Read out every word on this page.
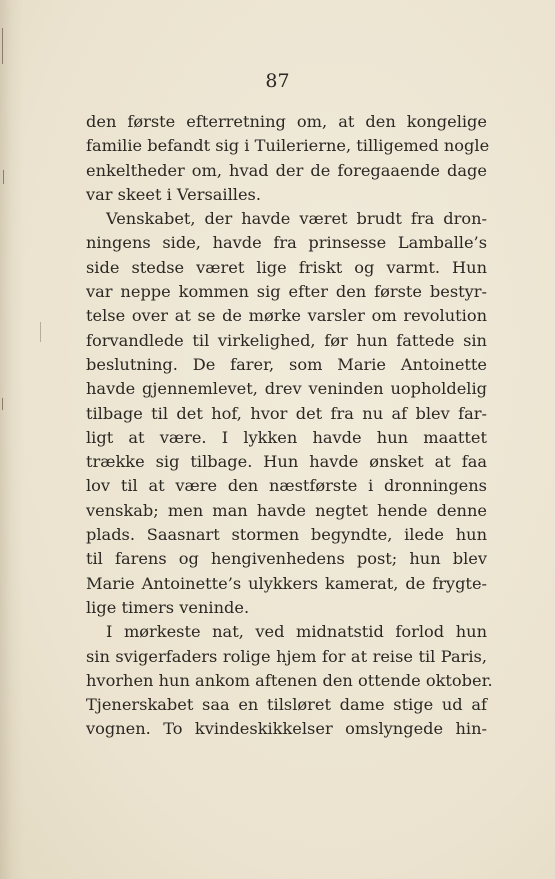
87
den første efterretning om, at den kongelige
familie befandt sig i Tuilerierne, tilligemed nogle
enkeltheder om, hvad der de foregaaende dage
var skeet i Versailles.
Venskabet, der havde været brudt fra dron-
ningens side, havde fra prinsesse Lamballe’s
side stedse været lige friskt og varmt. Hun
var neppe kommen sig efter den første bestyr-
telse over at se de mørke varsler om revolution
forvandlede til virkelighed, før hun fattede sin
beslutning. De farer, som Marie Antoinette
havde gjennemlevet, drev veninden uopholdelig
tilbage til det hof, hvor det fra nu af blev far-
ligt at være. I lykken havde hun maattet
trække sig tilbage. Hun havde ønsket at faa
lov til at være den næstførste i dronningens
venskab; men man havde negtet hende denne
plads. Saasnart stormen begyndte, ilede hun
til farens og hengivenhedens post; hun blev
Marie Antoinette’s ulykkers kamerat, de frygte-
lige timers veninde.
I mørkeste nat, ved midnatstid forlod hun
sin svigerfaders rolige hjem for at reise til Paris,
hvorhen hun ankom aftenen den ottende oktober.
Tjenerskabet saa en tilsløret dame stige ud af
vognen. To kvindeskikkelser omslyngede hin-
